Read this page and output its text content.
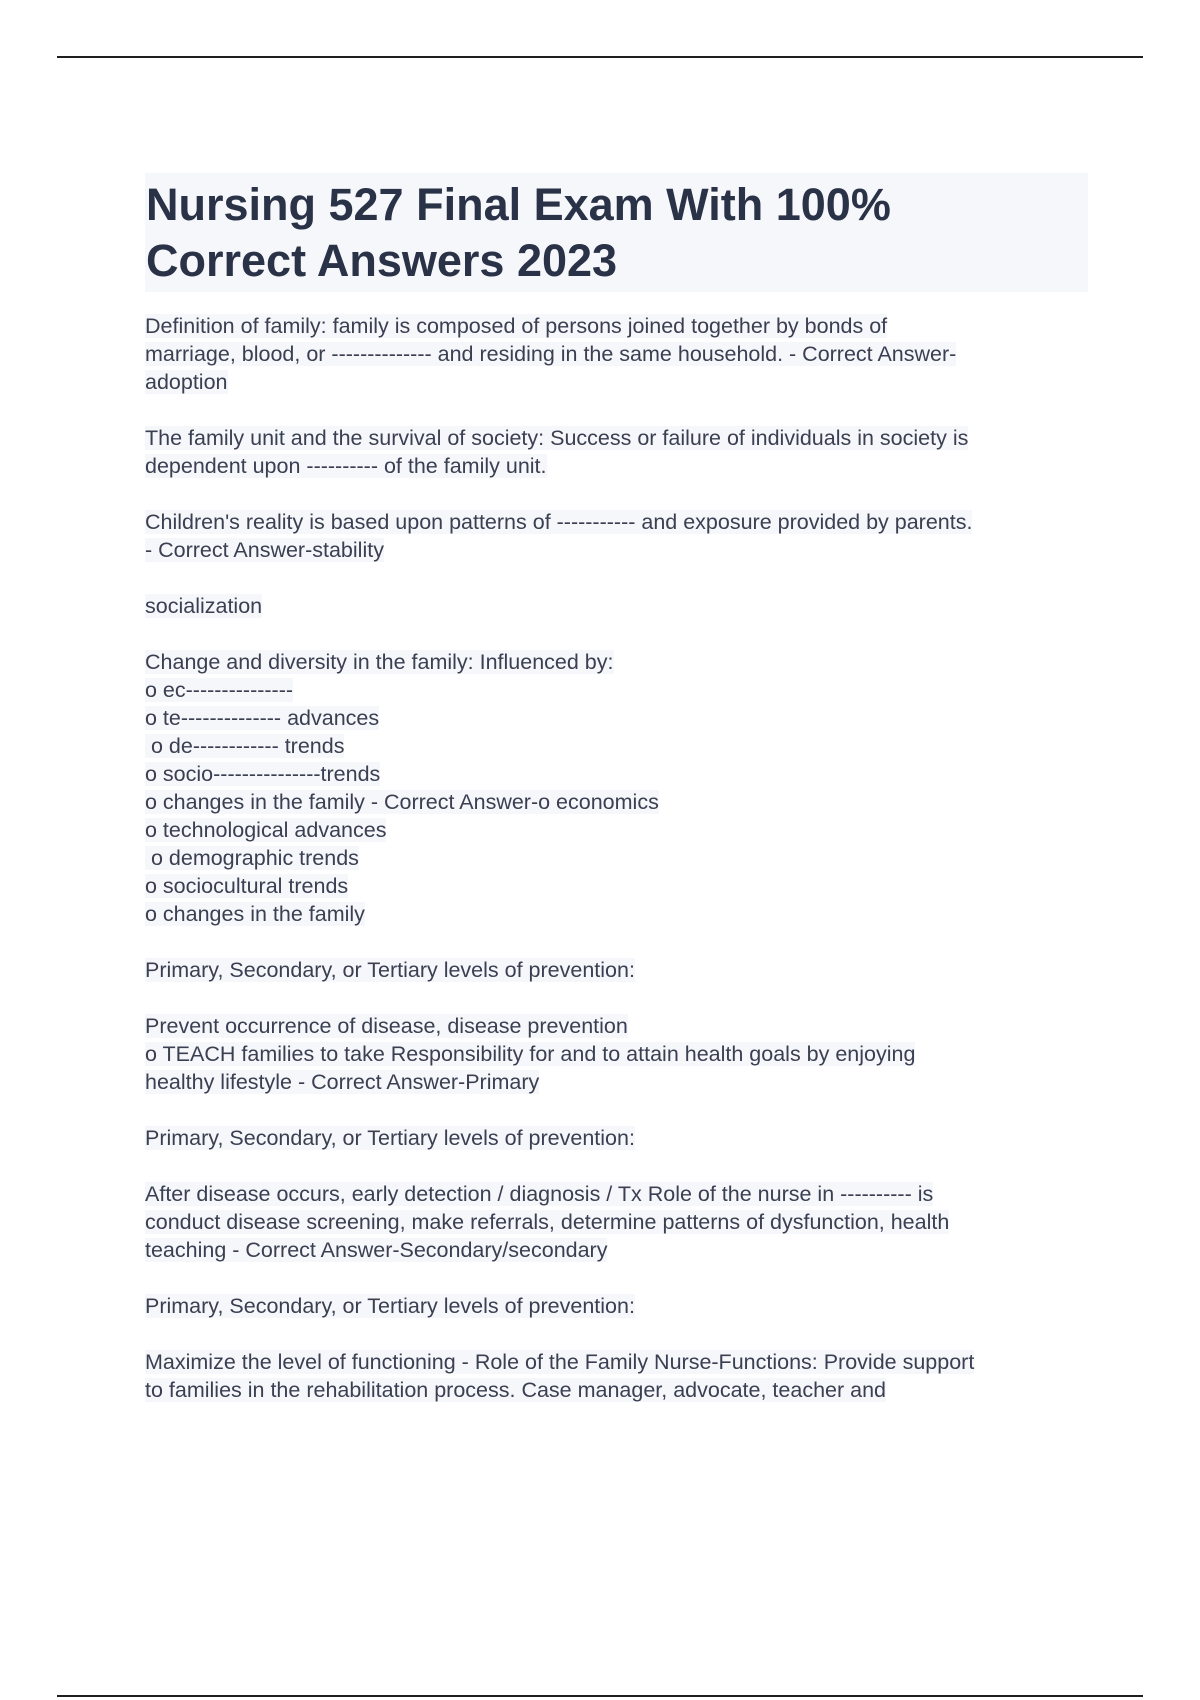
Nursing 527 Final Exam With 100%
Correct Answers 2023
Definition of family: family is composed of persons joined together by bonds of
marriage, blood, or -------------- and residing in the same household. - Correct Answer-
adoption
The family unit and the survival of society: Success or failure of individuals in society is
dependent upon ---------- of the family unit.
Children's reality is based upon patterns of ----------- and exposure provided by parents.
- Correct Answer-stability
socialization
Change and diversity in the family: Influenced by:
o ec---------------
o te-------------- advances
o de------------ trends
o socio---------------trends
o changes in the family - Correct Answer-o economics
o technological advances
o demographic trends
o sociocultural trends
o changes in the family
Primary, Secondary, or Tertiary levels of prevention:
Prevent occurrence of disease, disease prevention
o TEACH families to take Responsibility for and to attain health goals by enjoying
healthy lifestyle - Correct Answer-Primary
Primary, Secondary, or Tertiary levels of prevention:
After disease occurs, early detection / diagnosis / Tx Role of the nurse in ---------- is
conduct disease screening, make referrals, determine patterns of dysfunction, health
teaching - Correct Answer-Secondary/secondary
Primary, Secondary, or Tertiary levels of prevention:
Maximize the level of functioning - Role of the Family Nurse-Functions: Provide support
to families in the rehabilitation process. Case manager, advocate, teacher and
